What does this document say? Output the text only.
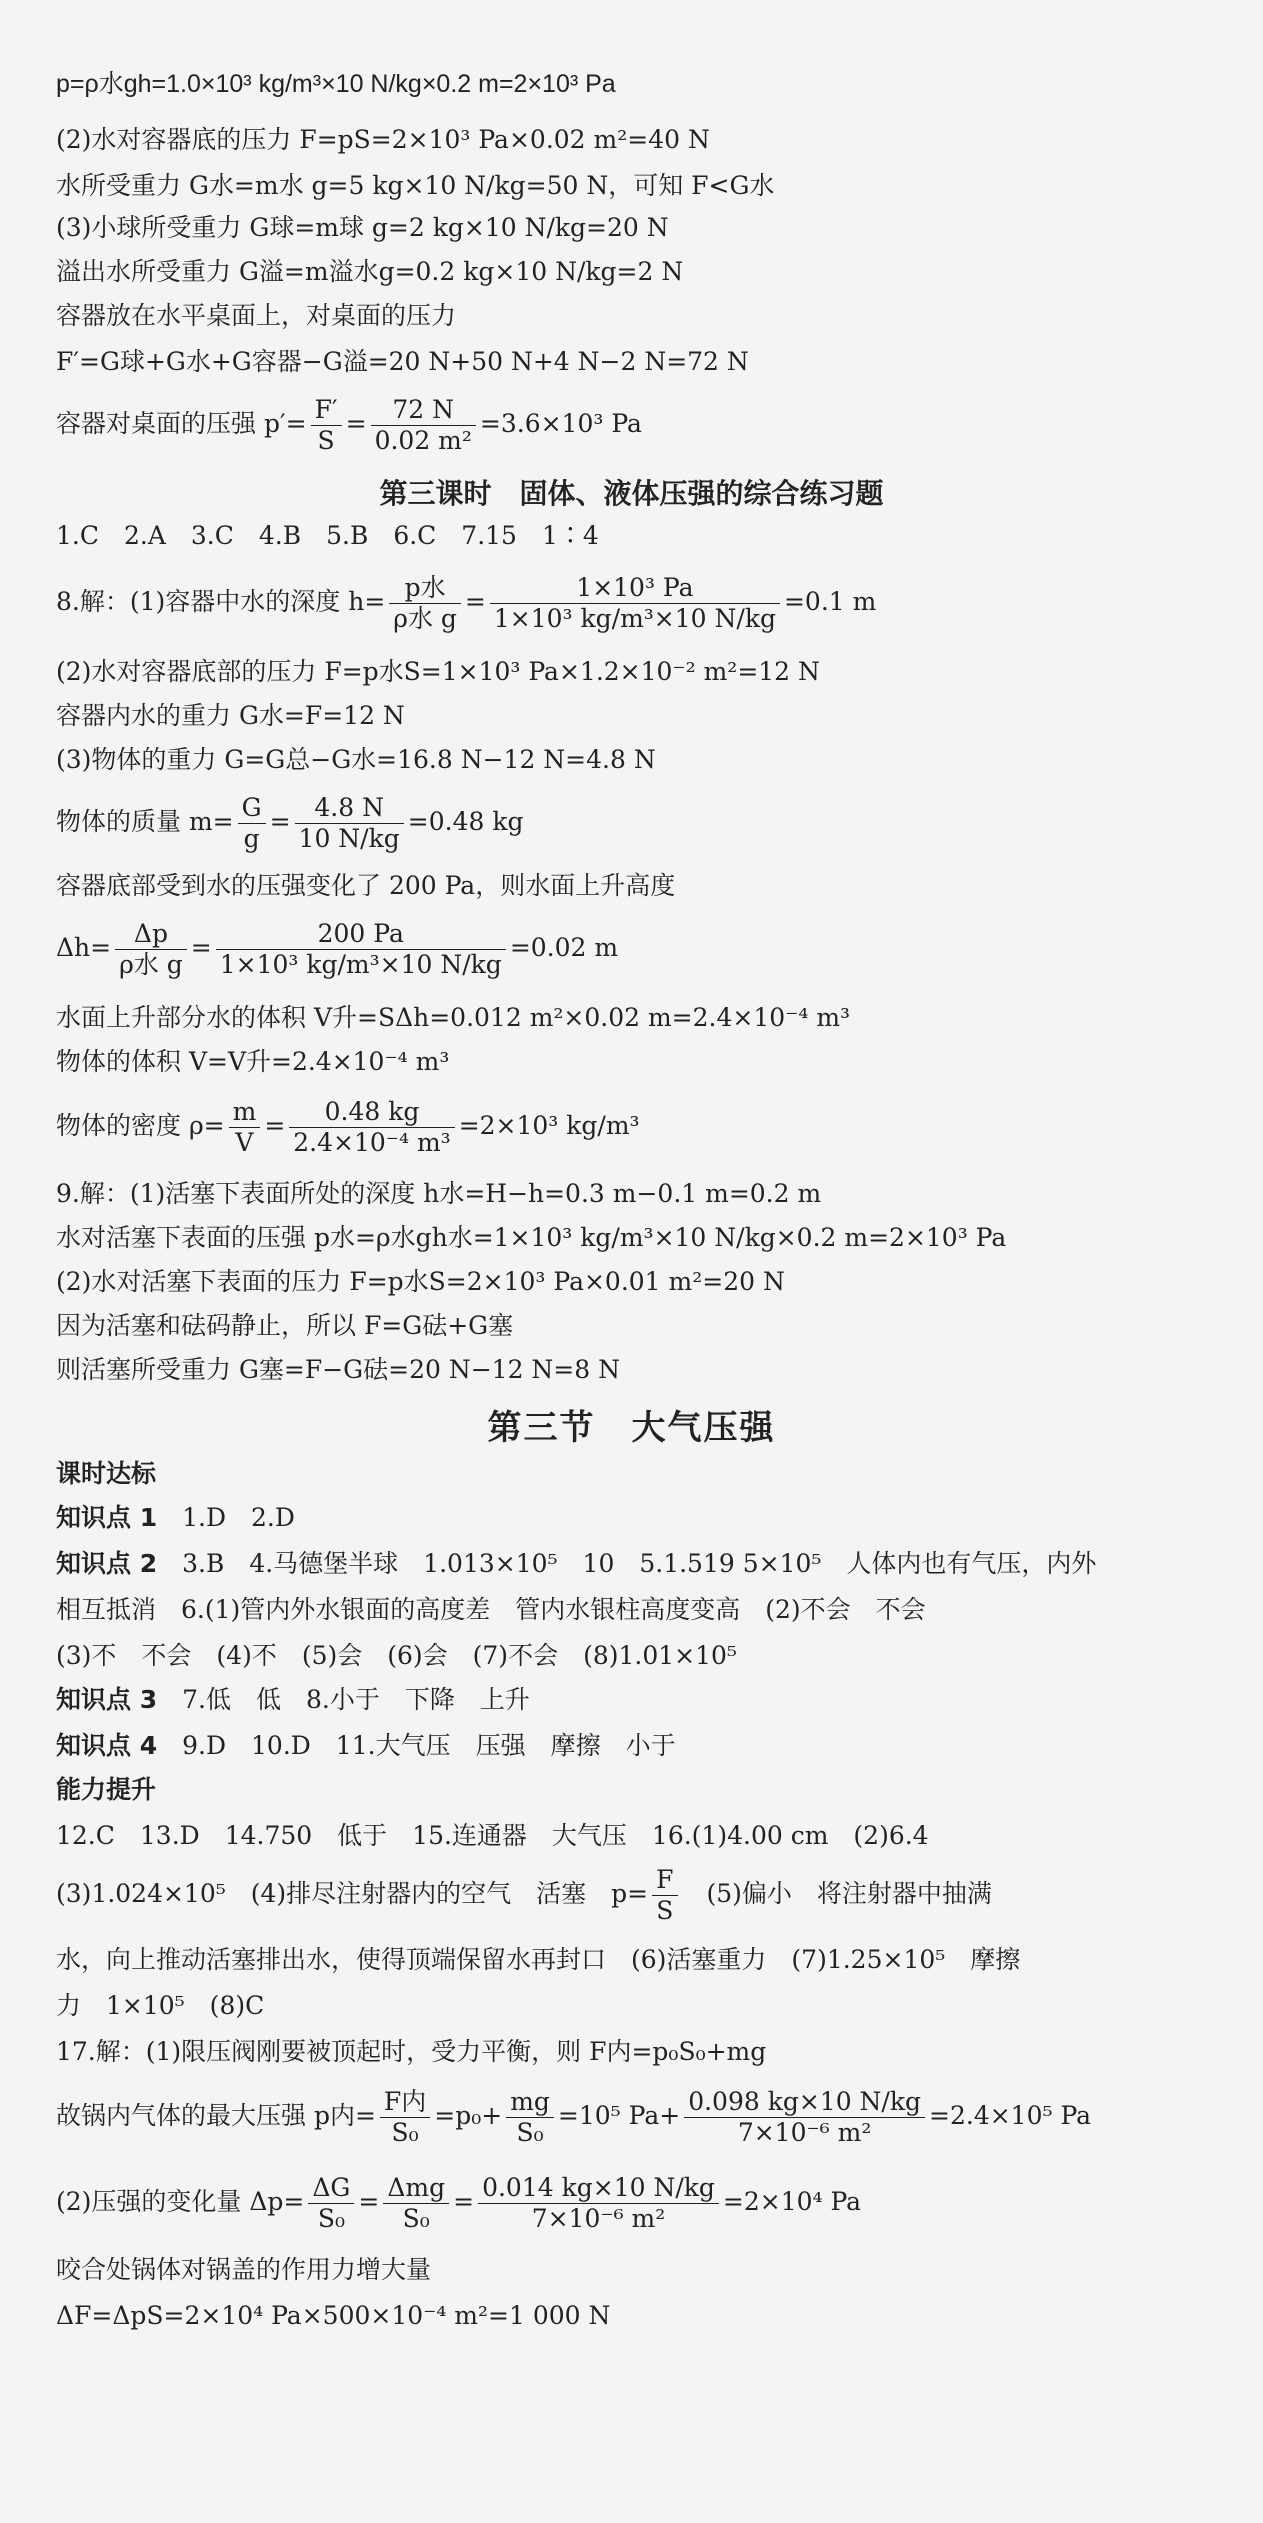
p=ρ水gh=1.0×10³ kg/m³×10 N/kg×0.2 m=2×10³ Pa
(2)水对容器底的压力 F=pS=2×10³ Pa×0.02 m²=40 N
水所受重力 G水=m水 g=5 kg×10 N/kg=50 N，可知 F<G水
(3)小球所受重力 G球=m球 g=2 kg×10 N/kg=20 N
溢出水所受重力 G溢=m溢水g=0.2 kg×10 N/kg=2 N
容器放在水平桌面上，对桌面的压力
F′=G球+G水+G容器−G溢=20 N+50 N+4 N−2 N=72 N
容器对桌面的压强 $p'= \frac{F'}{S} = \frac{72 N}{\text{0.02 m²}} =3.6\times 10^3$ Pa
第三课时　固体、液体压强的综合练习题
1.C　2.A　3.C　4.B　5.B　6.C　7.15　1∶4
8.解：(1)容器中水的深度 $h= \frac{\text{p水}}{\text{ρ水 g}} = \frac{\text{1×10³ Pa}}{\text{1×10³ kg/m³×10 N/kg}} =0.1$ m
(2)水对容器底部的压力 F=p水S=1×10³ Pa×1.2×10⁻² m²=12 N
容器内水的重力 G水=F=12 N
(3)物体的重力 G=G总−G水=16.8 N−12 N=4.8 N
物体的质量 $m= \frac{G}{g} = \frac{4.8 N}{10 N/kg} =0.48$ kg
容器底部受到水的压强变化了 200 Pa，则水面上升高度
$\Delta h= \frac{\Delta p}{\text{ρ水 g}} = \frac{200 Pa}{\text{1×10³ kg/m³×10 N/kg}} =0.02$ m
水面上升部分水的体积 V升=SΔh=0.012 m²×0.02 m=2.4×10⁻⁴ m³
物体的体积 V=V升=2.4×10⁻⁴ m³
物体的密度 $\rho= \frac{m}{V} = \frac{0.48 kg}{\text{2.4×10⁻⁴ m³}} =2\times 10^3$ kg/m³
9.解：(1)活塞下表面所处的深度 h水=H−h=0.3 m−0.1 m=0.2 m
水对活塞下表面的压强 p水=ρ水gh水=1×10³ kg/m³×10 N/kg×0.2 m=2×10³ Pa
(2)水对活塞下表面的压力 F=p水S=2×10³ Pa×0.01 m²=20 N
因为活塞和砝码静止，所以 F=G砝+G塞
则活塞所受重力 G塞=F−G砝=20 N−12 N=8 N
第三节　大气压强
课时达标
知识点 1　1.D　2.D
知识点 2　3.B　4.马德堡半球　1.013×10⁵　10　5.1.519 5×10⁵　人体内也有气压，内外
相互抵消　6.(1)管内外水银面的高度差　管内水银柱高度变高　(2)不会　不会
(3)不　不会　(4)不　(5)会　(6)会　(7)不会　(8)1.01×10⁵
知识点 3　7.低　低　8.小于　下降　上升
知识点 4　9.D　10.D　11.大气压　压强　摩擦　小于
能力提升
12.C　13.D　14.750　低于　15.连通器　大气压　16.(1)4.00 cm　(2)6.4
(3)1.024×10⁵　(4)排尽注射器内的空气　活塞　$p= \frac{F}{S}$ 　(5)偏小　将注射器中抽满
水，向上推动活塞排出水，使得顶端保留水再封口　(6)活塞重力　(7)1.25×10⁵　摩擦
力　1×10⁵　(8)C
17.解：(1)限压阀刚要被顶起时，受力平衡，则 F内=p₀S₀+mg
故锅内气体的最大压强 p内= $\frac{\text{F内}}{\text{S₀}} =p_0+ \frac{mg}{\text{S₀}} =10^5$ $Pa+ \frac{0.098 kg\times 10 N/kg}{\text{7×10⁻⁶ m²}} =2.4\times 10^5$ Pa
(2)压强的变化量 $\Delta p= \frac{\Delta G}{\text{S₀}} = \frac{\text{Δmg}}{\text{S₀}} = \frac{0.014 kg\times 10 N/kg}{\text{7×10⁻⁶ m²}} =2\times 10^4$ Pa
咬合处锅体对锅盖的作用力增大量
ΔF=ΔpS=2×10⁴ Pa×500×10⁻⁴ m²=1 000 N
